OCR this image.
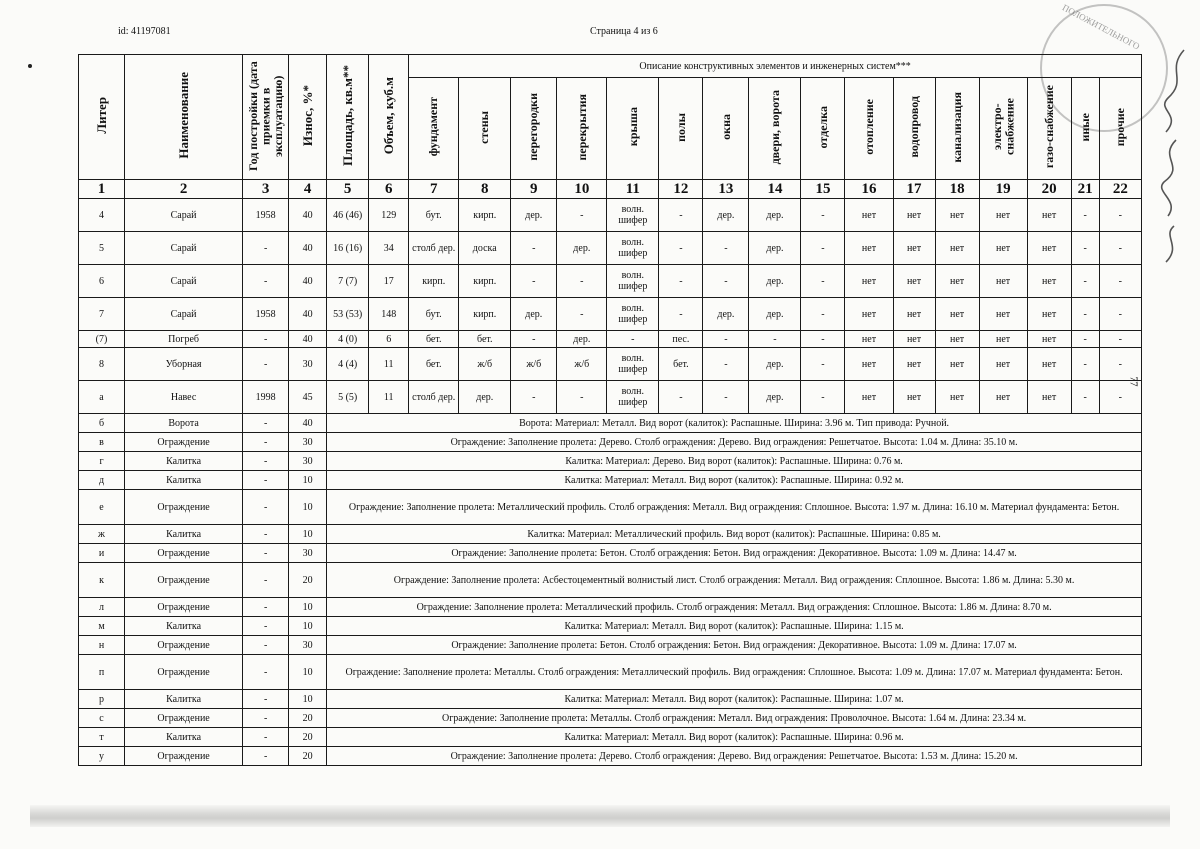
id: 41197081	Страница 4 из 6	ПОЛОЖИТЕЛЬНОГО
Литер	Наименование	Год постройки (дата приемки в эксплуатацию)	Износ, %*	Площадь, кв.м**	Объем, куб.м	Описание конструктивных элементов и инженерных систем***															
						фундамент	стены	перегородки	перекрытия	крыша	полы	окна	двери, ворота	отделка	отопление	водопровод	канализация	электро-снабжение	газо-снабжение	иные	прочие
1	2	3	4	5	6	7	8	9	10	11	12	13	14	15	16	17	18	19	20	21	22
4	Сарай	1958	40	46 (46)	129	бут.	кирп.	дер.	-	волн. шифер	-	дер.	дер.	-	нет	нет	нет	нет	нет	-	-
5	Сарай	-	40	16 (16)	34	столб дер.	доска	-	дер.	волн. шифер	-	-	дер.	-	нет	нет	нет	нет	нет	-	-
6	Сарай	-	40	7 (7)	17	кирп.	кирп.	-	-	волн. шифер	-	-	дер.	-	нет	нет	нет	нет	нет	-	-
7	Сарай	1958	40	53 (53)	148	бут.	кирп.	дер.	-	волн. шифер	-	дер.	дер.	-	нет	нет	нет	нет	нет	-	-
(7)	Погреб	-	40	4 (0)	6	бет.	бет.	-	дер.	-	пес.	-	-	-	нет	нет	нет	нет	нет	-	-
8	Уборная	-	30	4 (4)	11	бет.	ж/б	ж/б	ж/б	волн. шифер	бет.	-	дер.	-	нет	нет	нет	нет	нет	-	-
а	Навес	1998	45	5 (5)	11	столб дер.	дер.	-	-	волн. шифер	-	-	дер.	-	нет	нет	нет	нет	нет	-	-
б	Ворота	-	40	Ворота: Материал: Металл. Вид ворот (калиток): Распашные. Ширина: 3.96 м. Тип привода: Ручной.																	
в	Ограждение	-	30	Ограждение: Заполнение пролета: Дерево. Столб ограждения: Дерево. Вид ограждения: Решетчатое. Высота: 1.04 м. Длина: 35.10 м.																	
г	Калитка	-	30	Калитка: Материал: Дерево. Вид ворот (калиток): Распашные. Ширина: 0.76 м.																	
д	Калитка	-	10	Калитка: Материал: Металл. Вид ворот (калиток): Распашные. Ширина: 0.92 м.																	
е	Ограждение	-	10	Ограждение: Заполнение пролета: Металлический профиль. Столб ограждения: Металл. Вид ограждения: Сплошное. Высота: 1.97 м. Длина: 16.10 м. Материал фундамента: Бетон.																	
ж	Калитка	-	10	Калитка: Материал: Металлический профиль. Вид ворот (калиток): Распашные. Ширина: 0.85 м.																	
и	Ограждение	-	30	Ограждение: Заполнение пролета: Бетон. Столб ограждения: Бетон. Вид ограждения: Декоративное. Высота: 1.09 м. Длина: 14.47 м.																	
к	Ограждение	-	20	Ограждение: Заполнение пролета: Асбестоцементный волнистый лист. Столб ограждения: Металл. Вид ограждения: Сплошное. Высота: 1.86 м. Длина: 5.30 м.																	
л	Ограждение	-	10	Ограждение: Заполнение пролета: Металлический профиль. Столб ограждения: Металл. Вид ограждения: Сплошное. Высота: 1.86 м. Длина: 8.70 м.																	
м	Калитка	-	10	Калитка: Материал: Металл. Вид ворот (калиток): Распашные. Ширина: 1.15 м.																	
н	Ограждение	-	30	Ограждение: Заполнение пролета: Бетон. Столб ограждения: Бетон. Вид ограждения: Декоративное. Высота: 1.09 м. Длина: 17.07 м.																	
п	Ограждение	-	10	Ограждение: Заполнение пролета: Металлы. Столб ограждения: Металлический профиль. Вид ограждения: Сплошное. Высота: 1.09 м. Длина: 17.07 м. Материал фундамента: Бетон.																	
р	Калитка	-	10	Калитка: Материал: Металл. Вид ворот (калиток): Распашные. Ширина: 1.07 м.																	
с	Ограждение	-	20	Ограждение: Заполнение пролета: Металлы. Столб ограждения: Металл. Вид ограждения: Проволочное. Высота: 1.64 м. Длина: 23.34 м.																	
т	Калитка	-	20	Калитка: Материал: Металл. Вид ворот (калиток): Распашные. Ширина: 0.96 м.																	
у	Ограждение	-	20	Ограждение: Заполнение пролета: Дерево. Столб ограждения: Дерево. Вид ограждения: Решетчатое. Высота: 1.53 м. Длина: 15.20 м.																	
77
